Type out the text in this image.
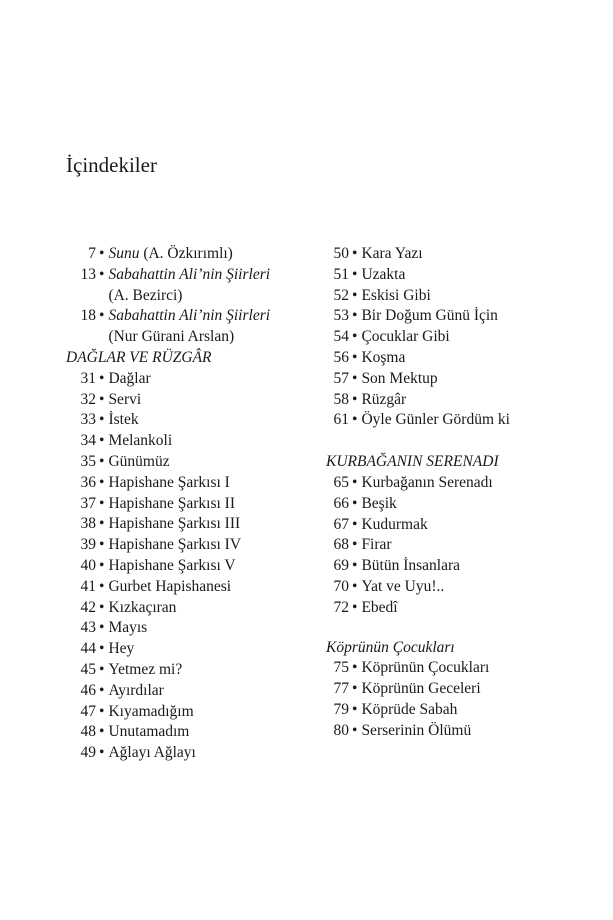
İçindekiler
7 • Sunu (A. Özkırımlı)
13 • Sabahattin Ali’nin Şiirleri
(A. Bezirci)
18 • Sabahattin Ali’nin Şiirleri
(Nur Gürani Arslan)
DAĞLAR VE RÜZGÂR
31 • Dağlar
32 • Servi
33 • İstek
34 • Melankoli
35 • Günümüz
36 • Hapishane Şarkısı I
37 • Hapishane Şarkısı II
38 • Hapishane Şarkısı III
39 • Hapishane Şarkısı IV
40 • Hapishane Şarkısı V
41 • Gurbet Hapishanesi
42 • Kızkaçıran
43 • Mayıs
44 • Hey
45 • Yetmez mi?
46 • Ayırdılar
47 • Kıyamadığım
48 • Unutamadım
49 • Ağlayı Ağlayı
50 • Kara Yazı
51 • Uzakta
52 • Eskisi Gibi
53 • Bir Doğum Günü İçin
54 • Çocuklar Gibi
56 • Koşma
57 • Son Mektup
58 • Rüzgâr
61 • Öyle Günler Gördüm ki
KURBAĞANIN SERENADI
65 • Kurbağanın Serenadı
66 • Beşik
67 • Kudurmak
68 • Firar
69 • Bütün İnsanlara
70 • Yat ve Uyu!..
72 • Ebedî
Köprünün Çocukları
75 • Köprünün Çocukları
77 • Köprünün Geceleri
79 • Köprüde Sabah
80 • Serserinin Ölümü
